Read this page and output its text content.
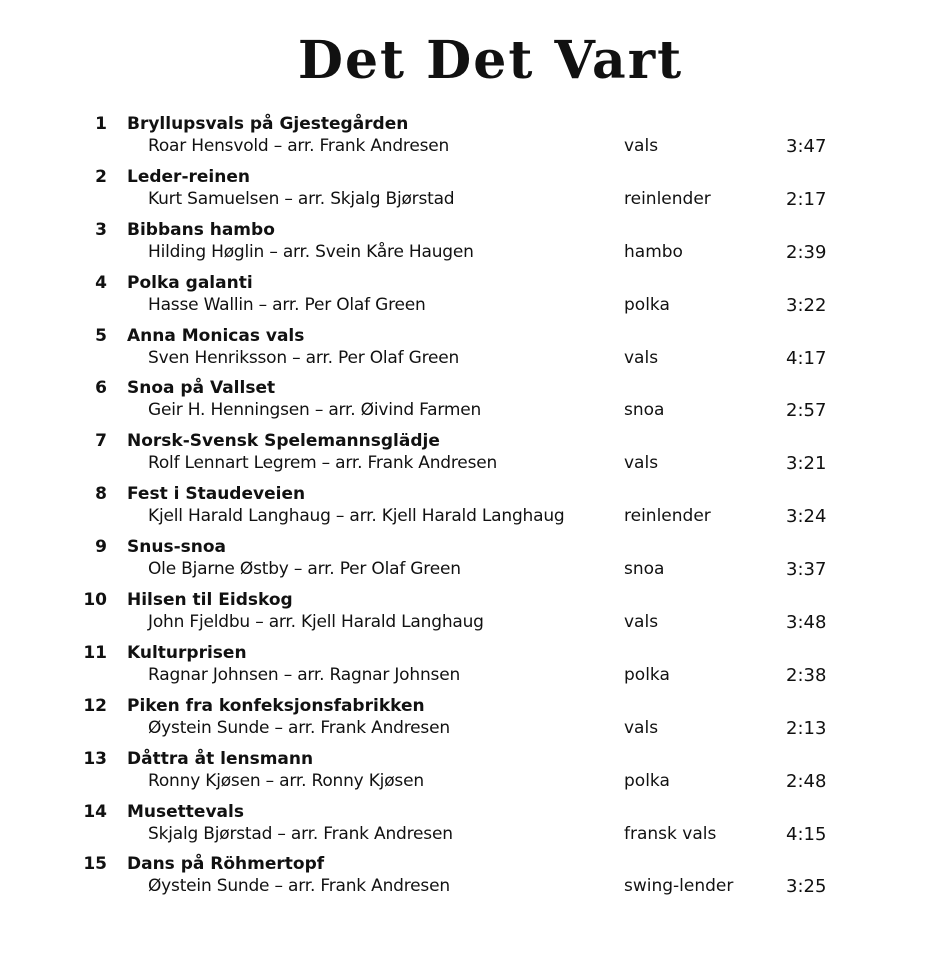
Det Det Vart
1 Bryllupsvals på Gjestegården
Roar Hensvold – arr. Frank Andresen	vals	3:47
2 Leder-reinen
Kurt Samuelsen – arr. Skjalg Bjørstad	reinlender	2:17
3 Bibbans hambo
Hilding Høglin – arr. Svein Kåre Haugen	hambo	2:39
4 Polka galanti
Hasse Wallin – arr. Per Olaf Green	polka	3:22
5 Anna Monicas vals
Sven Henriksson – arr. Per Olaf Green	vals	4:17
6 Snoa på Vallset
Geir H. Henningsen – arr. Øivind Farmen	snoa	2:57
7 Norsk-Svensk Spelemannsglädje
Rolf Lennart Legrem – arr. Frank Andresen	vals	3:21
8 Fest i Staudeveien
Kjell Harald Langhaug – arr. Kjell Harald Langhaug	reinlender	3:24
9 Snus-snoa
Ole Bjarne Østby – arr. Per Olaf Green	snoa	3:37
10 Hilsen til Eidskog
John Fjeldbu – arr. Kjell Harald Langhaug	vals	3:48
11 Kulturprisen
Ragnar Johnsen – arr. Ragnar Johnsen	polka	2:38
12 Piken fra konfeksjonsfabrikken
Øystein Sunde – arr. Frank Andresen	vals	2:13
13 Dåttra åt lensmann
Ronny Kjøsen – arr. Ronny Kjøsen	polka	2:48
14 Musettevals
Skjalg Bjørstad – arr. Frank Andresen	fransk vals	4:15
15 Dans på Röhmertopf
Øystein Sunde – arr. Frank Andresen	swing-lender	3:25
